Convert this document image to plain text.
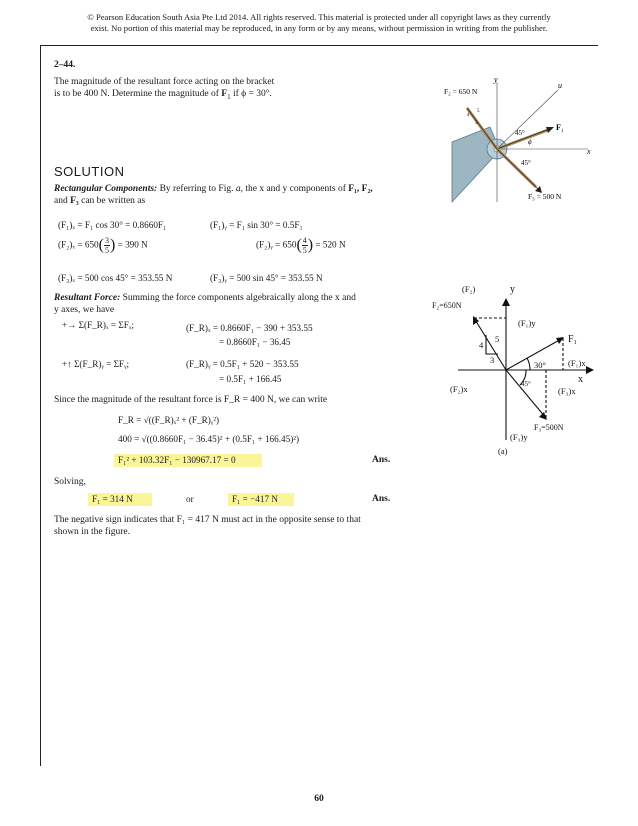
© Pearson Education South Asia Pte Ltd 2014. All rights reserved. This material is protected under all copyright laws as they currently
exist. No portion of this material may be reproduced, in any form or by any means, without permission in writing from the publisher.
2–44.
The magnitude of the resultant force acting on the bracket
is to be 400 N. Determine the magnitude of $F_1$ if ϕ = 30°.
y
u
x
F₂ = 650 N
4
5
3	$F_1$
45°
ϕ
45°
F₃ = 500 N
SOLUTION
Rectangular Components: By referring to Fig. a, the x and y components of F₁, F₂,
and F₃ can be written as
(F₁)ₓ = F₁ cos 30° = 0.8660F₁	(F₁)ᵧ = F₁ sin 30° = 0.5F₁
$(F_2)_x = 650( \frac{3}{5}$ ) = 390 N	(F₂)ᵧ = $650( \frac{4}{5}$ ) = 520 N
(F₃)ₓ = 500 cos 45° = 353.55 N	(F₃)ᵧ = 500 sin 45° = 353.55 N
Resultant Force: Summing the force components algebraically along the x and
y axes, we have
+→ Σ(F_R)ₓ = ΣFₓ;	(F_R)ₓ = 0.8660F₁ − 390 + 353.55
= 0.8660F₁ − 36.45
+↑ Σ(F_R)ᵧ = ΣFᵧ;	(F_R)ᵧ = 0.5F₁ + 520 − 353.55
= 0.5F₁ + 166.45
Since the magnitude of the resultant force is F_R = 400 N, we can write
F_R = √((F_R)ₓ² + (F_R)ᵧ²)
400 = √((0.8660F₁ − 36.45)² + (0.5F₁ + 166.45)²)
F₁² + 103.32F₁ − 130967.17 = 0	Ans.
Solving,
F₁ = 314 N	or	F₁ = −417 N	Ans.
The negative sign indicates that F₁ = 417 N must act in the opposite sense to that
shown in the figure.
(F₂)	y
F₂=650N
(F₁)y
4
5
3
F₁
30°	(F₁)x
x
(F₂)x	45°
(F₃)x
F₃=500N
(F₃)y
(a)
60
